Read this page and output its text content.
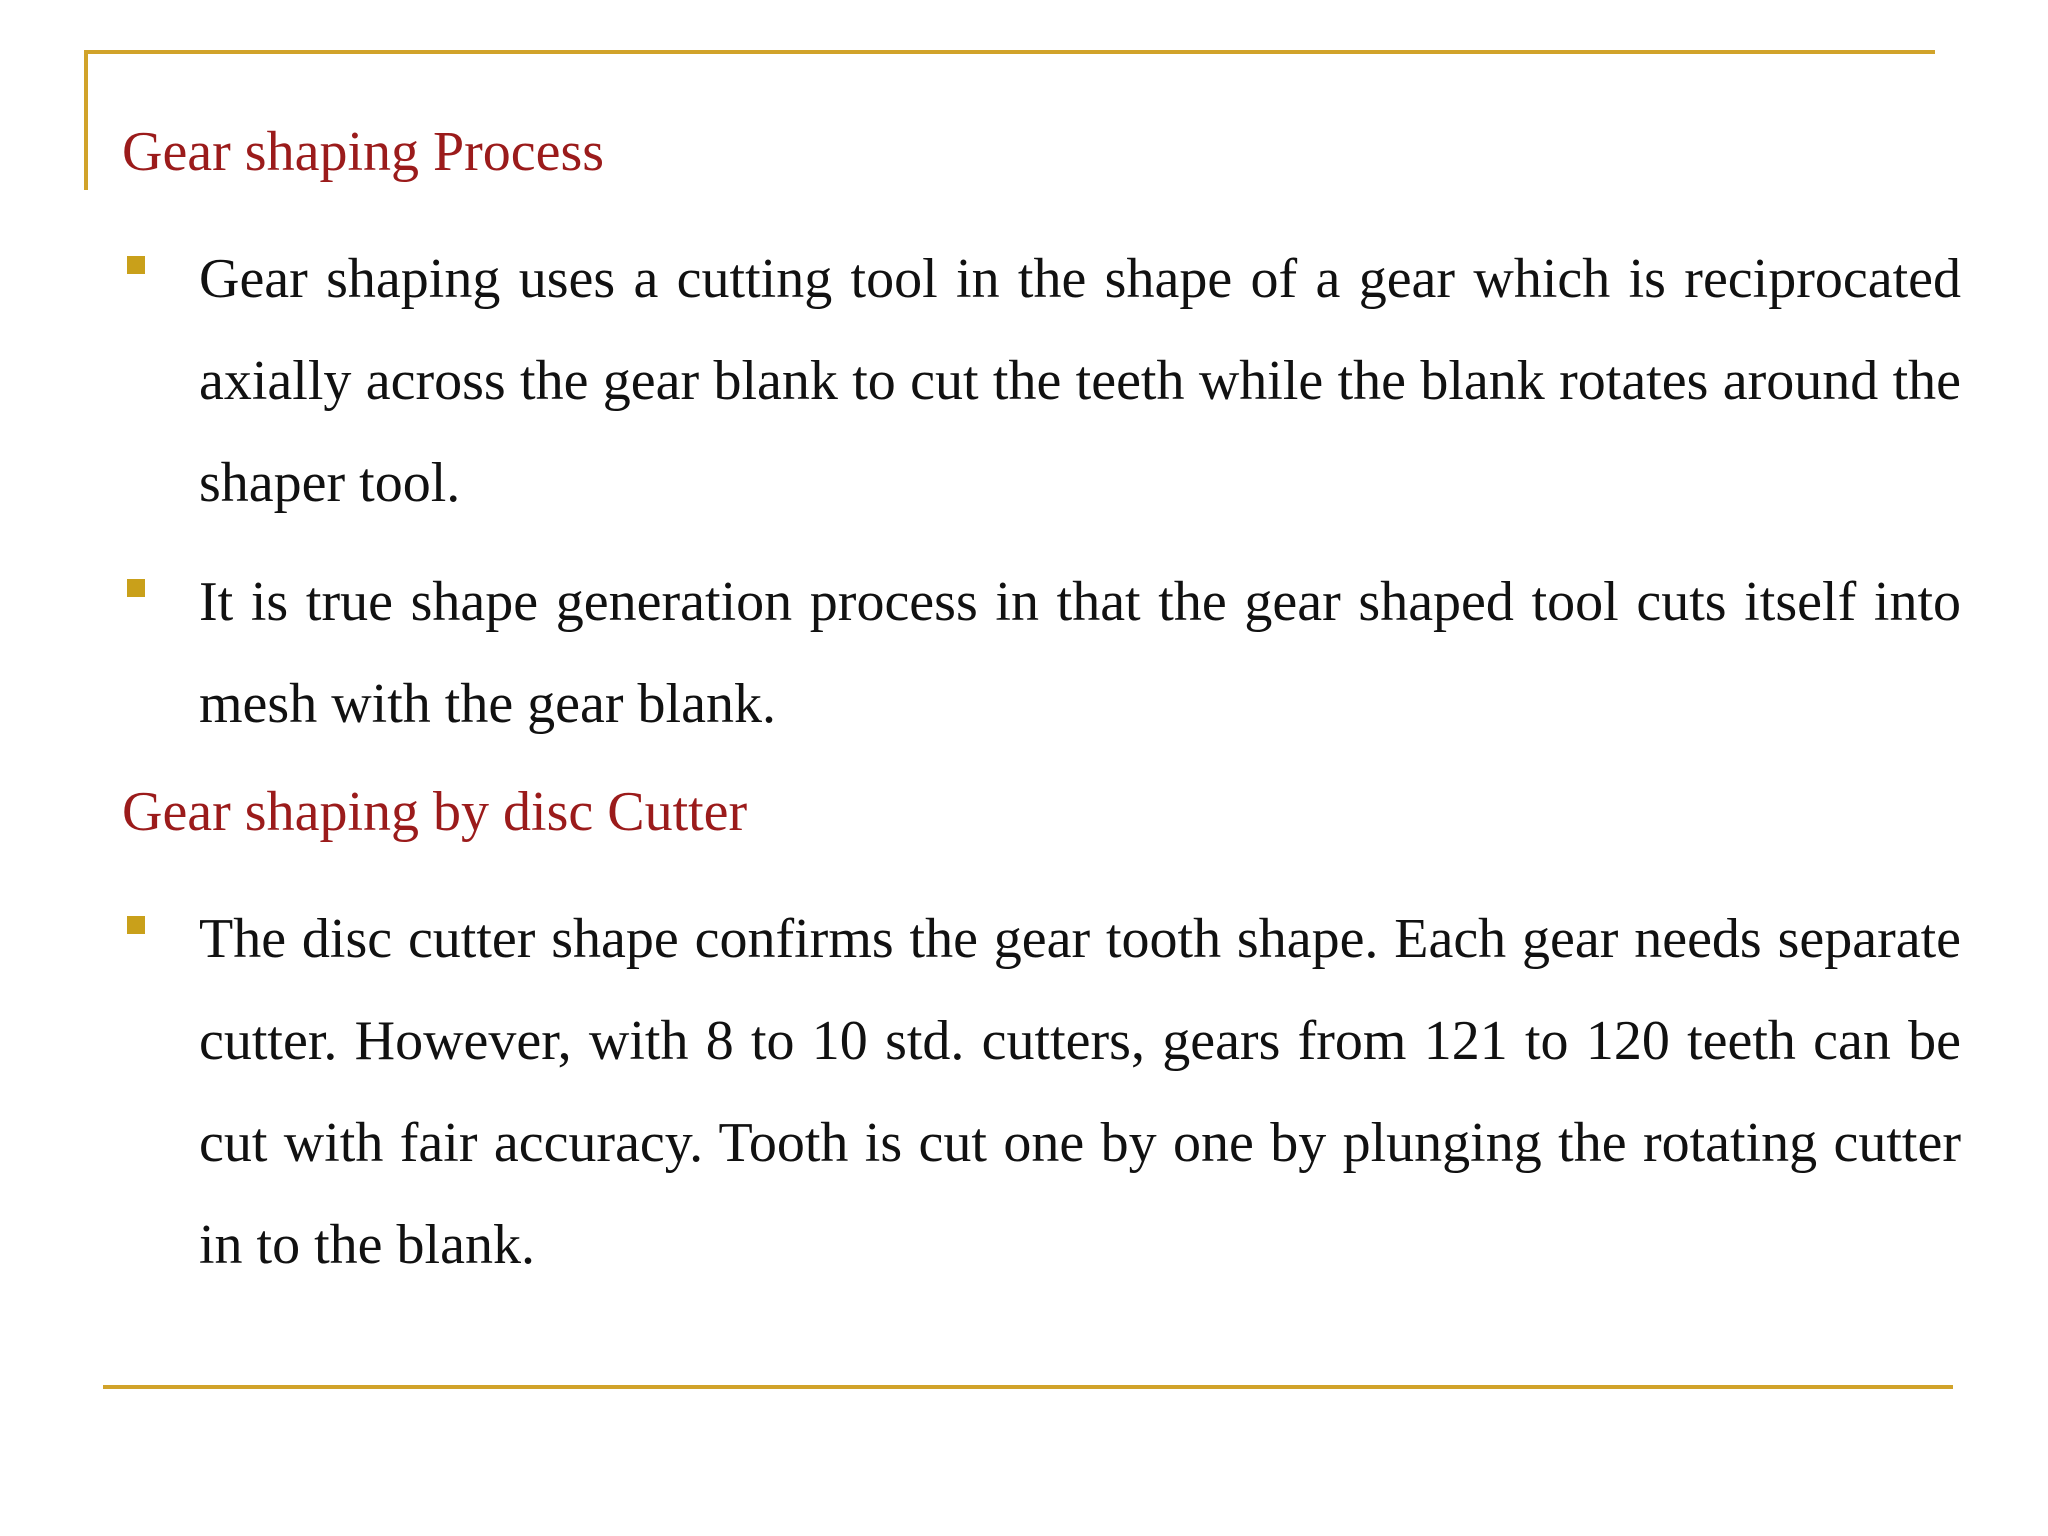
Gear shaping Process

Gear shaping uses a cutting tool in the shape of a gear which is reciprocated axially across the gear blank to cut the teeth while the blank rotates around the shaper tool.

It is true shape generation process in that the gear shaped tool cuts itself into mesh with the gear blank.

Gear shaping by disc Cutter

The disc cutter shape confirms the gear tooth shape. Each gear needs separate cutter. However, with 8 to 10 std. cutters, gears from 121 to 120 teeth can be cut with fair accuracy. Tooth is cut one by one by plunging the rotating cutter in to the blank.
